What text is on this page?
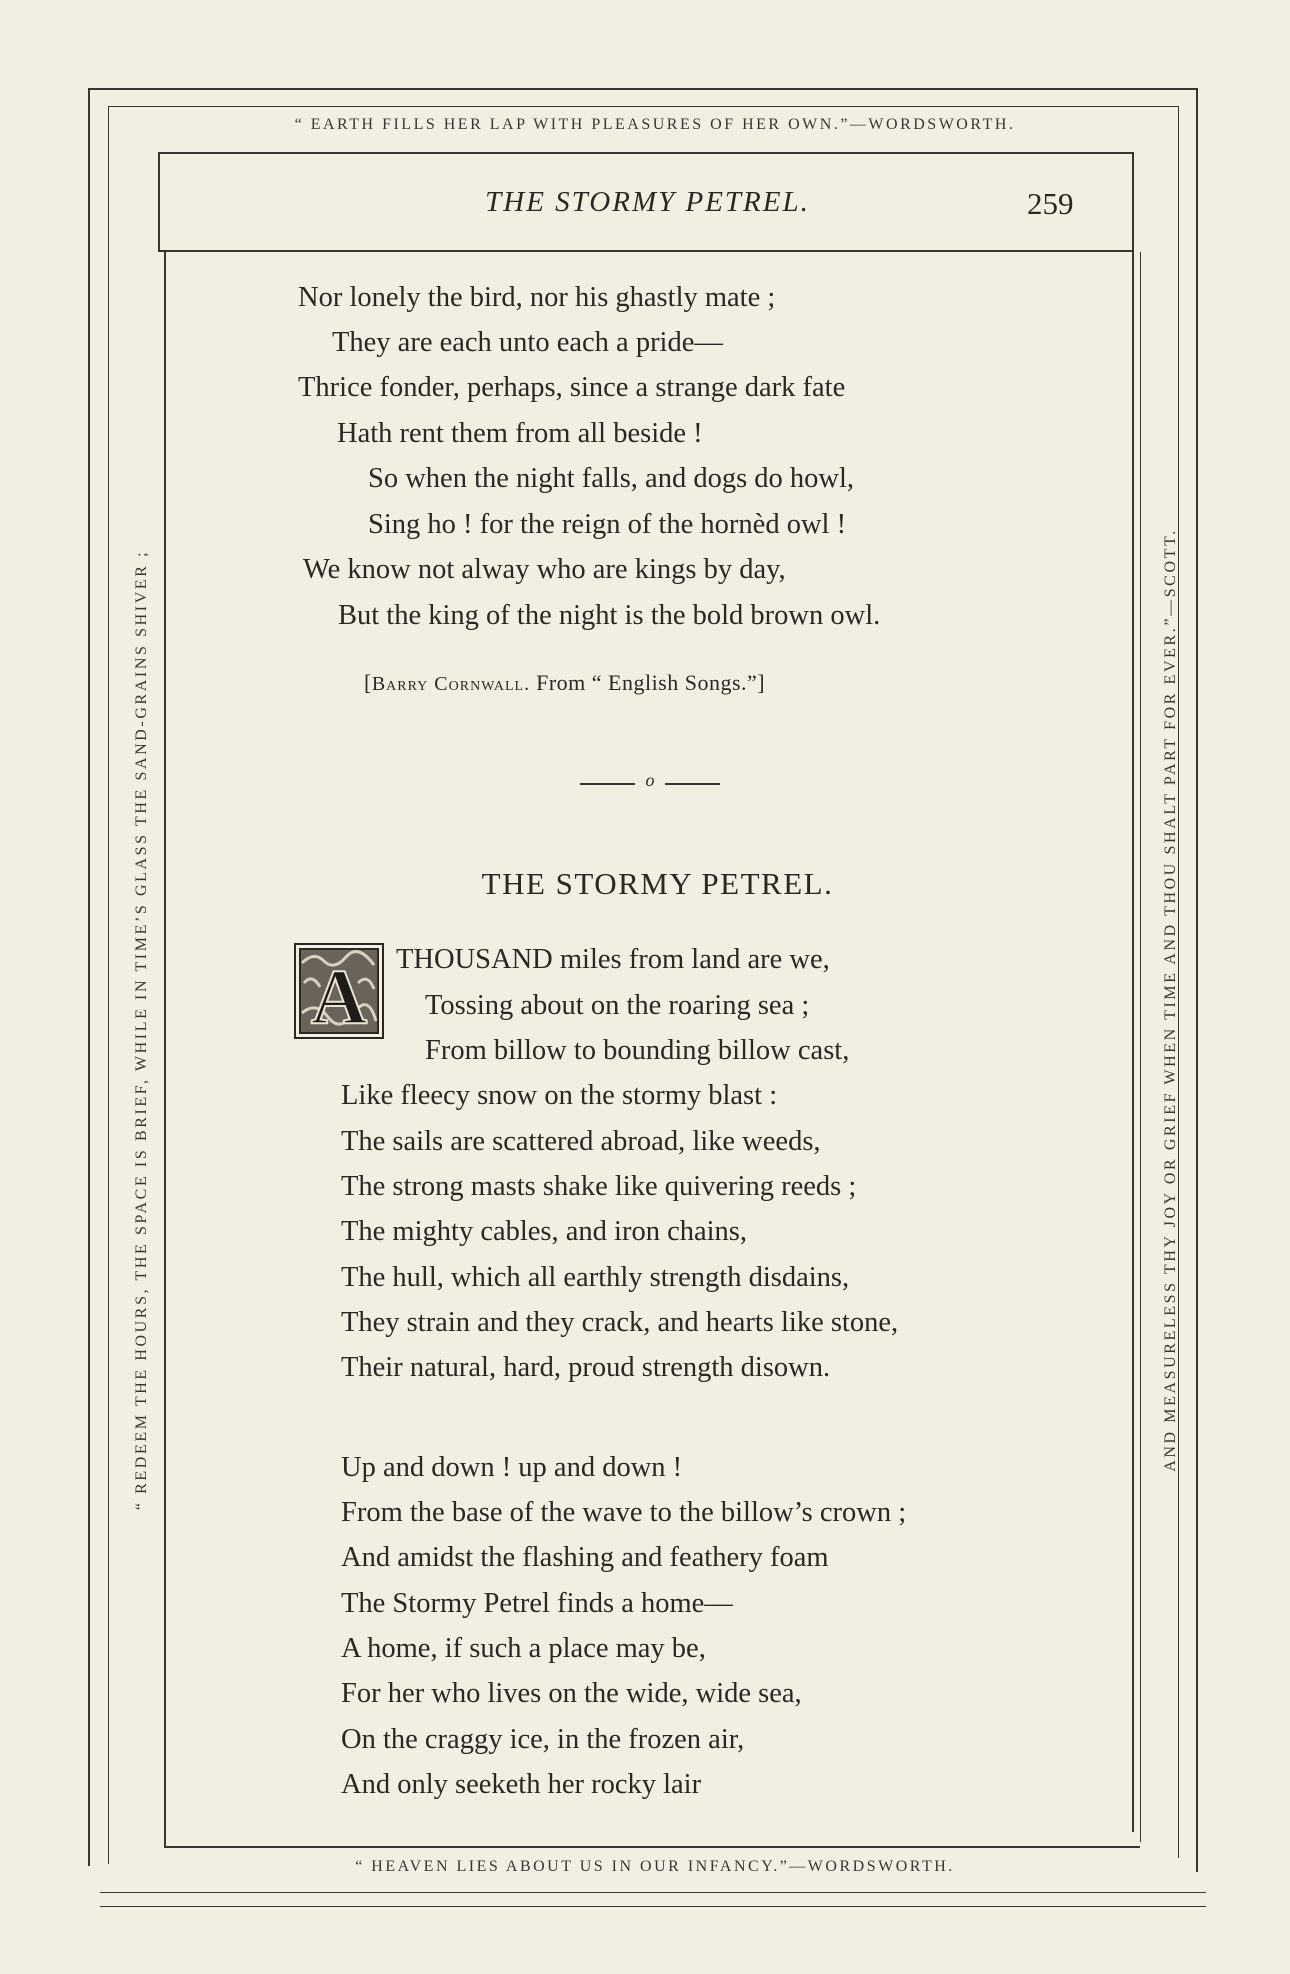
“ EARTH FILLS HER LAP WITH PLEASURES OF HER OWN.”—WORDSWORTH.
“ HEAVEN LIES ABOUT US IN OUR INFANCY.”—WORDSWORTH.
“ REDEEM THE HOURS, THE SPACE IS BRIEF, WHILE IN TIME’S GLASS THE SAND-GRAINS SHIVER ;	AND MEASURELESS THY JOY OR GRIEF WHEN TIME AND THOU SHALT PART FOR EVER.”—SCOTT.
THE STORMY PETREL.	259
Nor lonely the bird, nor his ghastly mate ;
They are each unto each a pride—
Thrice fonder, perhaps, since a strange dark fate
Hath rent them from all beside !
So when the night falls, and dogs do howl,
Sing ho ! for the reign of the hornèd owl !
We know not alway who are kings by day,
But the king of the night is the bold brown owl.
[Barry Cornwall. From “ English Songs.”]
o
THE STORMY PETREL.
A THOUSAND miles from land are we,
Tossing about on the roaring sea ;
From billow to bounding billow cast,
Like fleecy snow on the stormy blast :
The sails are scattered abroad, like weeds,
The strong masts shake like quivering reeds ;
The mighty cables, and iron chains,
The hull, which all earthly strength disdains,
They strain and they crack, and hearts like stone,
Their natural, hard, proud strength disown.
Up and down ! up and down !
From the base of the wave to the billow’s crown ;
And amidst the flashing and feathery foam
The Stormy Petrel finds a home—
A home, if such a place may be,
For her who lives on the wide, wide sea,
On the craggy ice, in the frozen air,
And only seeketh her rocky lair
